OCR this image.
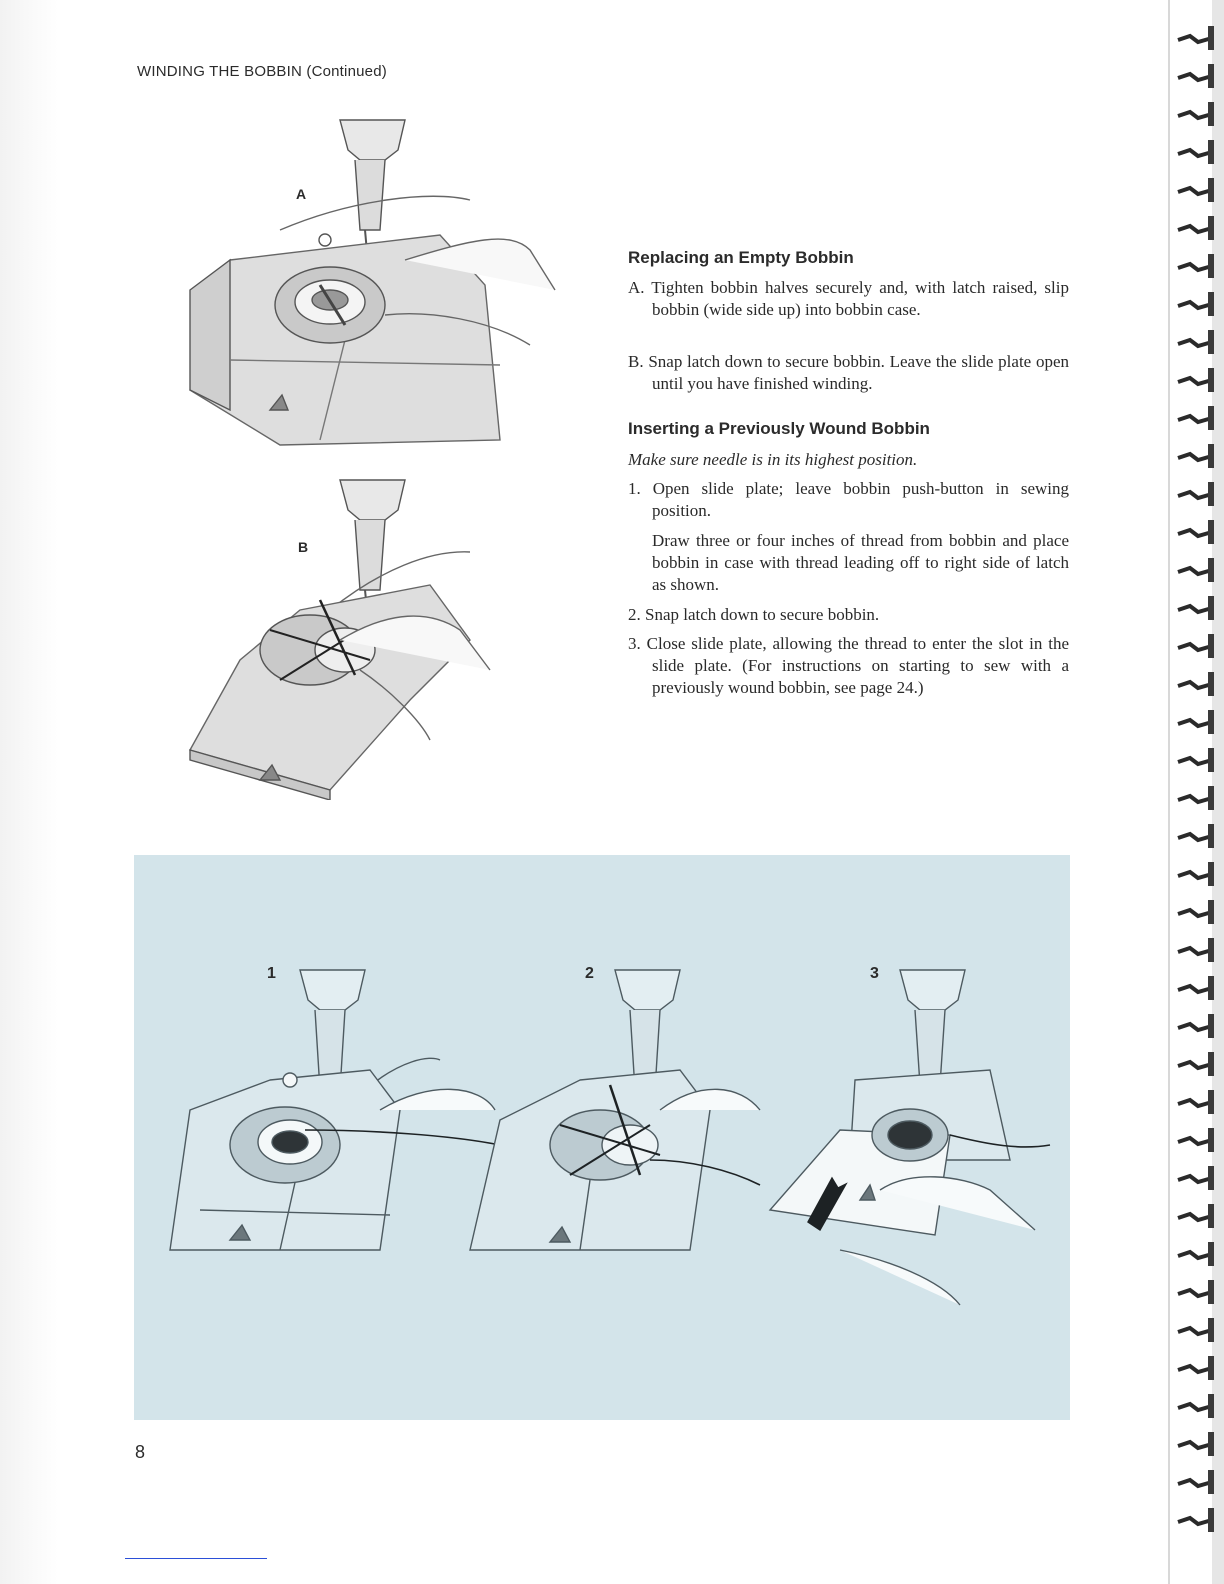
WINDING THE BOBBIN (Continued)
A
B
Replacing an Empty Bobbin

A. Tighten bobbin halves securely and, with latch raised, slip bobbin (wide side up) into bobbin case.

B. Snap latch down to secure bobbin. Leave the slide plate open until you have finished winding.

Inserting a Previously Wound Bobbin

Make sure needle is in its highest position.

1. Open slide plate; leave bobbin push-button in sewing position.

Draw three or four inches of thread from bobbin and place bobbin in case with thread leading off to right side of latch as shown.

2. Snap latch down to secure bobbin.

3. Close slide plate, allowing the thread to enter the slot in the slide plate. (For instructions on starting to sew with a previously wound bobbin, see page 24.)

1	2	3
8
